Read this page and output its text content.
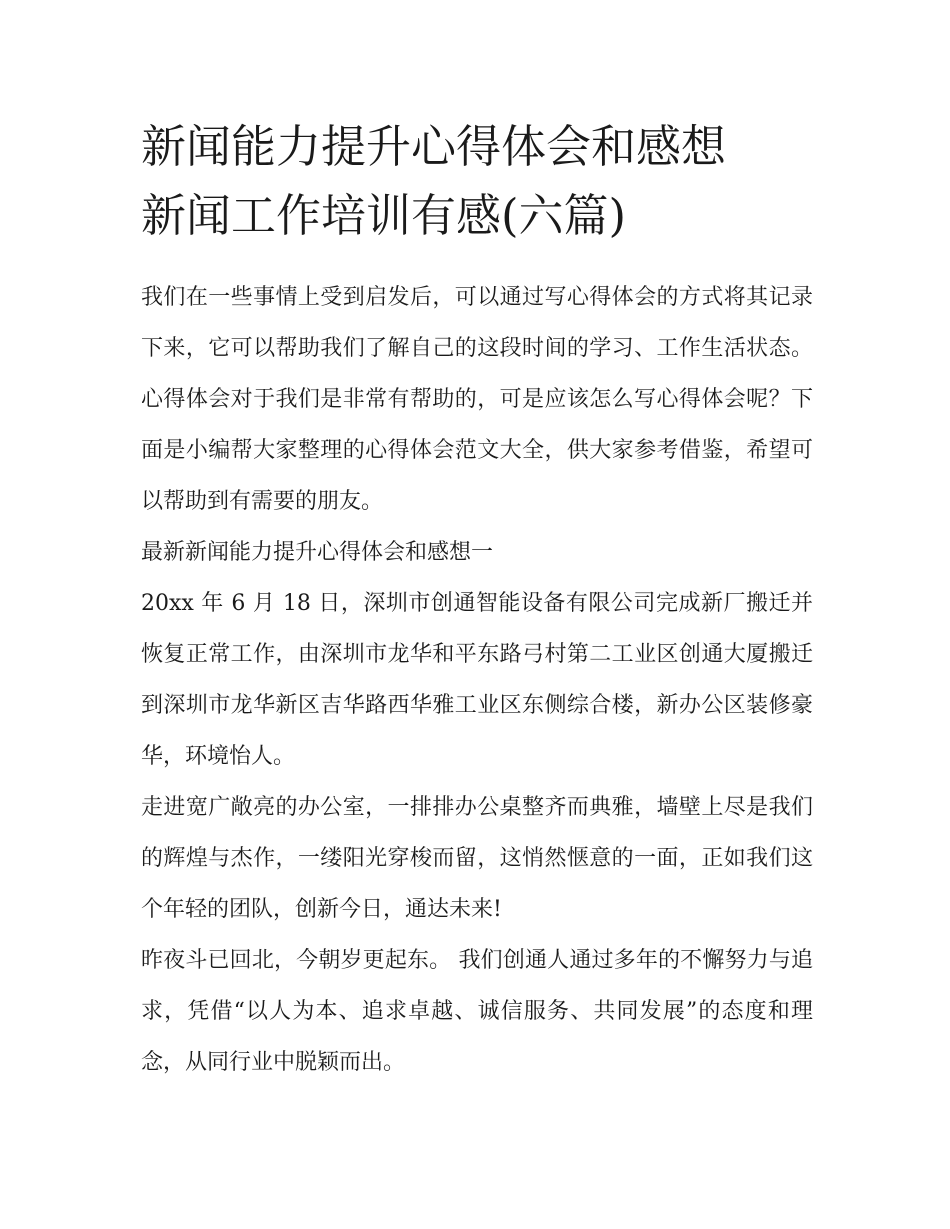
新闻能力提升心得体会和感想
新闻工作培训有感(六篇)

我们在一些事情上受到启发后，可以通过写心得体会的方式将其记录下来，它可以帮助我们了解自己的这段时间的学习、工作生活状态。心得体会对于我们是非常有帮助的，可是应该怎么写心得体会呢？下面是小编帮大家整理的心得体会范文大全，供大家参考借鉴，希望可以帮助到有需要的朋友。

最新新闻能力提升心得体会和感想一

20xx 年 6 月 18 日，深圳市创通智能设备有限公司完成新厂搬迁并恢复正常工作，由深圳市龙华和平东路弓村第二工业区创通大厦搬迁到深圳市龙华新区吉华路西华雅工业区东侧综合楼，新办公区装修豪华，环境怡人。

走进宽广敞亮的办公室，一排排办公桌整齐而典雅，墙壁上尽是我们的辉煌与杰作，一缕阳光穿梭而留，这悄然惬意的一面，正如我们这个年轻的团队，创新今日，通达未来!

昨夜斗已回北，今朝岁更起东。 我们创通人通过多年的不懈努力与追求，凭借“以人为本、追求卓越、诚信服务、共同发展”的态度和理念，从同行业中脱颖而出。
